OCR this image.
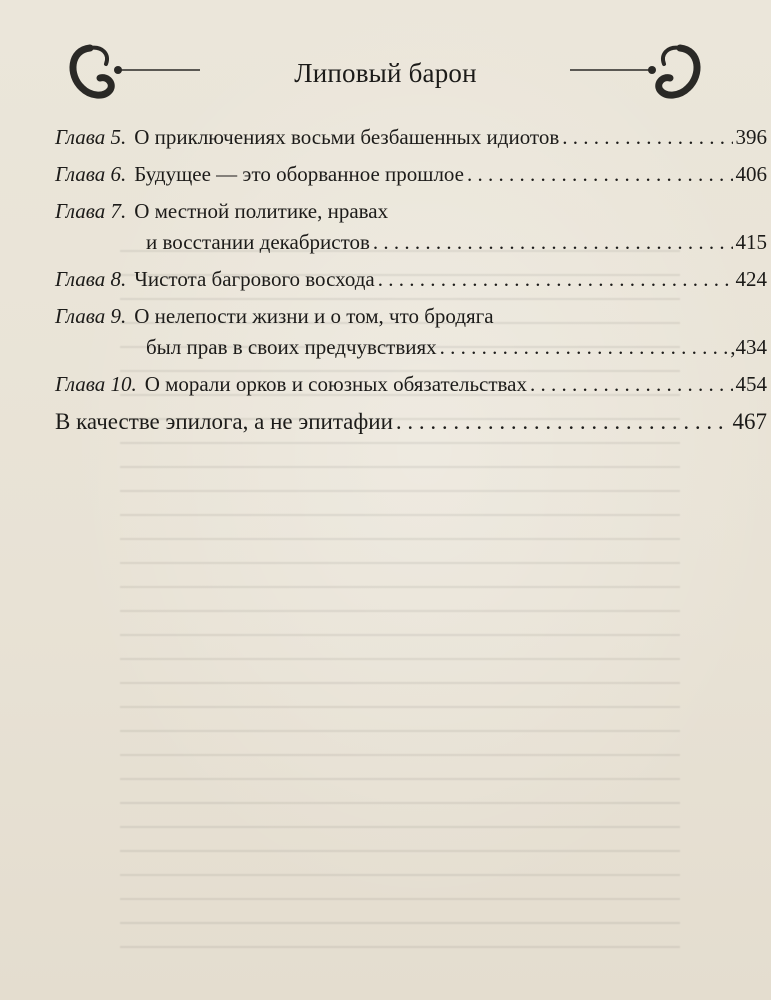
Липовый барон
Глава 5. О приключениях восьми безбашенных идиотов . . .	396
Глава 6. Будущее — это оборванное прошлое . . .	406
Глава 7. О местной политике, нравах
и восстании декабристов . . .	415
Глава 8. Чистота багрового восхода . . .	424
Глава 9. О нелепости жизни и о том, что бродяга
был прав в своих предчувствиях . . .	,434
Глава 10. О морали орков и союзных обязательствах . . .	454
В качестве эпилога, а не эпитафии . . .	467
